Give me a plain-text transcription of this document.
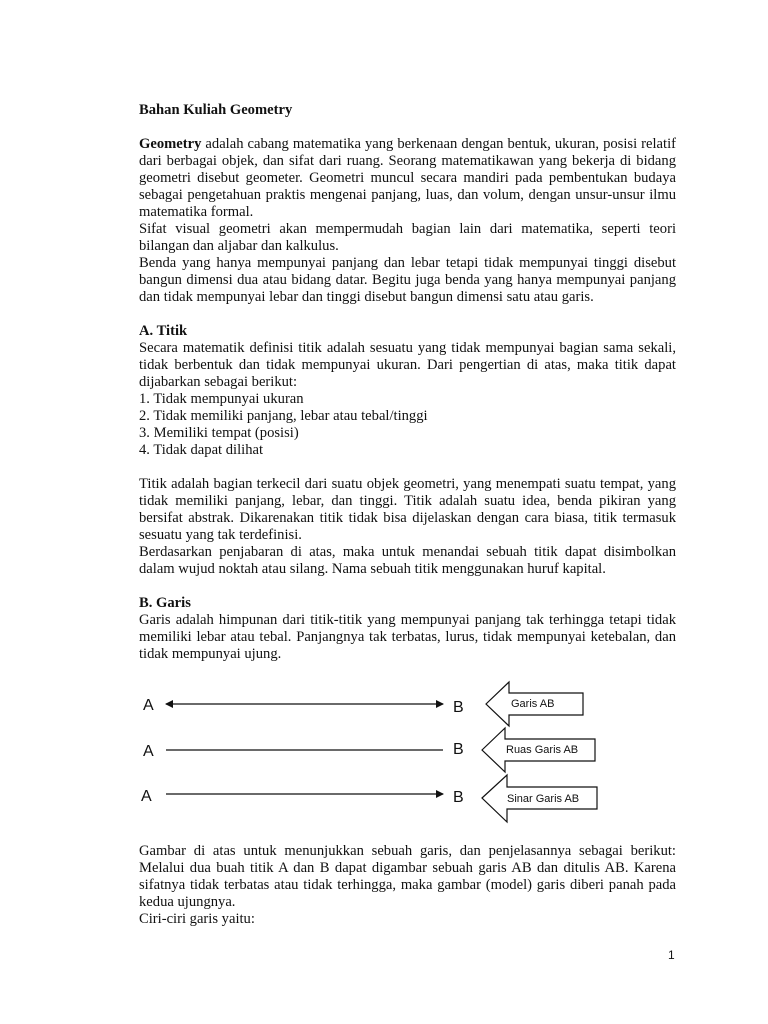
Bahan Kuliah Geometry

Geometry adalah cabang matematika yang berkenaan dengan bentuk, ukuran, posisi relatif dari berbagai objek, dan sifat dari ruang. Seorang matematikawan yang bekerja di bidang geometri disebut geometer. Geometri muncul secara mandiri pada pembentukan budaya sebagai pengetahuan praktis mengenai panjang, luas, dan volum, dengan unsur-unsur ilmu matematika formal.

Sifat visual geometri akan mempermudah bagian lain dari matematika, seperti teori bilangan dan aljabar dan kalkulus.

Benda yang hanya mempunyai panjang dan lebar tetapi tidak mempunyai tinggi disebut bangun dimensi dua atau bidang datar. Begitu juga benda yang hanya mempunyai panjang dan tidak mempunyai lebar dan tinggi disebut bangun dimensi satu atau garis.

A. Titik

Secara matematik definisi titik adalah sesuatu yang tidak mempunyai bagian sama sekali, tidak berbentuk dan tidak mempunyai ukuran. Dari pengertian di atas, maka titik dapat dijabarkan sebagai berikut:

1. Tidak mempunyai ukuran
2. Tidak memiliki panjang, lebar atau tebal/tinggi
3. Memiliki tempat (posisi)
4. Tidak dapat dilihat

Titik adalah bagian terkecil dari suatu objek geometri, yang menempati suatu tempat, yang tidak memiliki panjang, lebar, dan tinggi. Titik adalah suatu idea, benda pikiran yang bersifat abstrak. Dikarenakan titik tidak bisa dijelaskan dengan cara biasa, titik termasuk sesuatu yang tak terdefinisi.

Berdasarkan penjabaran di atas, maka untuk menandai sebuah titik dapat disimbolkan dalam wujud noktah atau silang. Nama sebuah titik menggunakan huruf kapital.

B. Garis

Garis adalah himpunan dari titik-titik yang mempunyai panjang tak terhingga tetapi tidak memiliki lebar atau tebal. Panjangnya tak terbatas, lurus, tidak mempunyai ketebalan, dan tidak mempunyai ujung.

A	B	Garis AB
A	B	Ruas Garis AB
A	B	Sinar Garis AB

Gambar di atas untuk menunjukkan sebuah garis, dan penjelasannya sebagai berikut: Melalui dua buah titik A dan B dapat digambar sebuah garis AB dan ditulis AB. Karena sifatnya tidak terbatas atau tidak terhingga, maka gambar (model) garis diberi panah pada kedua ujungnya.

Ciri-ciri garis yaitu:

1
